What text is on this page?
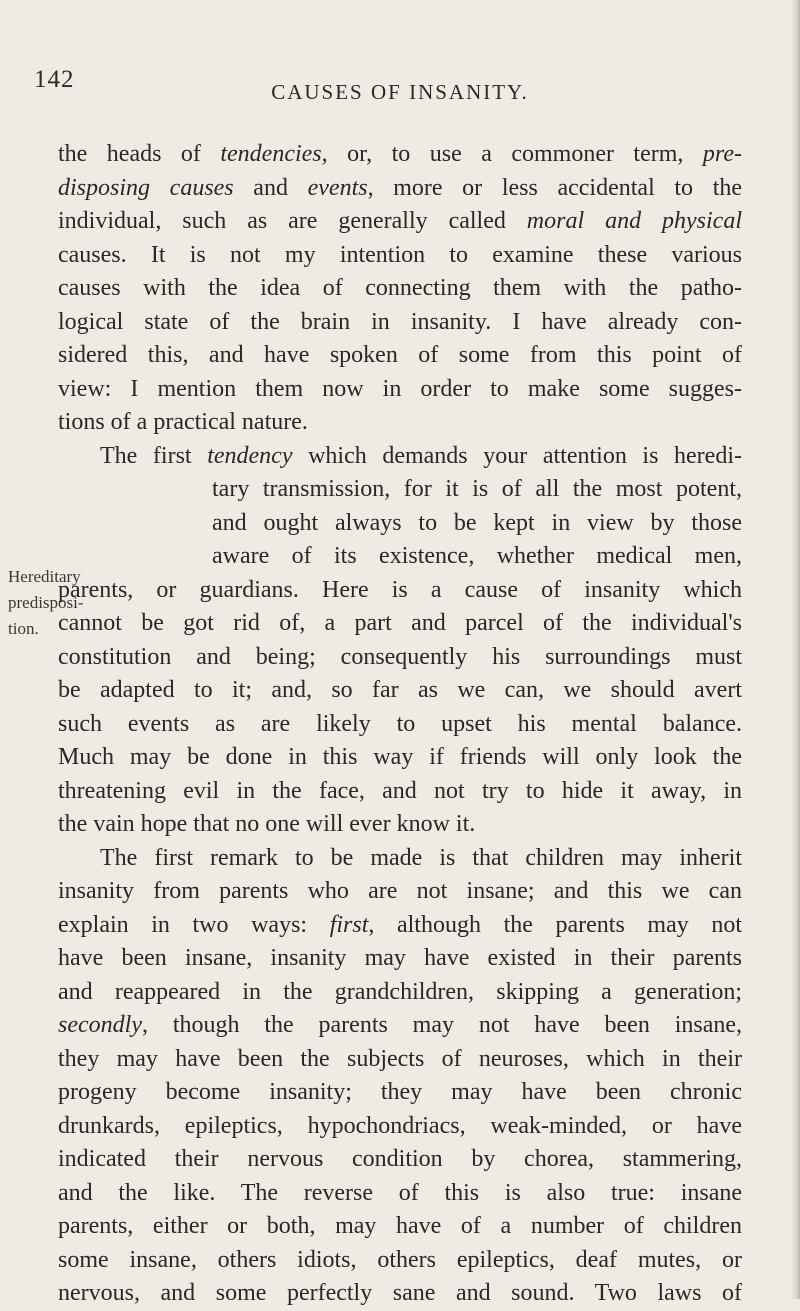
142	CAUSES OF INSANITY.
Hereditary
predisposi-
tion.
the heads of tendencies, or, to use a commoner term, pre-
disposing causes and events, more or less accidental to the
individual, such as are generally called moral and physical
causes. It is not my intention to examine these various
causes with the idea of connecting them with the patho-
logical state of the brain in insanity. I have already con-
sidered this, and have spoken of some from this point of
view: I mention them now in order to make some sugges-
tions of a practical nature.
The first tendency which demands your attention is heredi-
tary transmission, for it is of all the most potent,
and ought always to be kept in view by those
aware of its existence, whether medical men,
parents, or guardians. Here is a cause of insanity which
cannot be got rid of, a part and parcel of the individual's
constitution and being; consequently his surroundings must
be adapted to it; and, so far as we can, we should avert
such events as are likely to upset his mental balance.
Much may be done in this way if friends will only look the
threatening evil in the face, and not try to hide it away, in
the vain hope that no one will ever know it.
The first remark to be made is that children may inherit
insanity from parents who are not insane; and this we can
explain in two ways: first, although the parents may not
have been insane, insanity may have existed in their parents
and reappeared in the grandchildren, skipping a generation;
secondly, though the parents may not have been insane,
they may have been the subjects of neuroses, which in their
progeny become insanity; they may have been chronic
drunkards, epileptics, hypochondriacs, weak-minded, or have
indicated their nervous condition by chorea, stammering,
and the like. The reverse of this is also true: insane
parents, either or both, may have of a number of children
some insane, others idiots, others epileptics, deaf mutes, or
nervous, and some perfectly sane and sound. Two laws of
